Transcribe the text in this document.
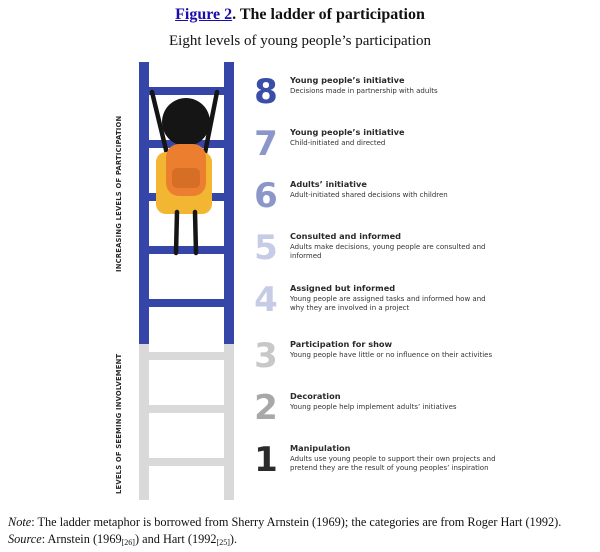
Figure 2. The ladder of participation
Eight levels of young people’s participation
INCREASING LEVELS OF PARTICIPATION
LEVELS OF SEEMING INVOLVEMENT
8 Young people’s initiative
Decisions made in partnership with adults
7 Young people’s initiative
Child-initiated and directed
6 Adults’ initiative
Adult-initiated shared decisions with children
5 Consulted and informed
Adults make decisions, young people are consulted and informed
4 Assigned but informed
Young people are assigned tasks and informed how and why they are involved in a project
3 Participation for show
Young people have little or no influence on their activities
2 Decoration
Young people help implement adults’ initiatives
1 Manipulation
Adults use young people to support their own projects and pretend they are the result of young peoples’ inspiration
Note: The ladder metaphor is borrowed from Sherry Arnstein (1969); the categories are from Roger Hart (1992).
Source: Arnstein (1969[26]) and Hart (1992[25]).
